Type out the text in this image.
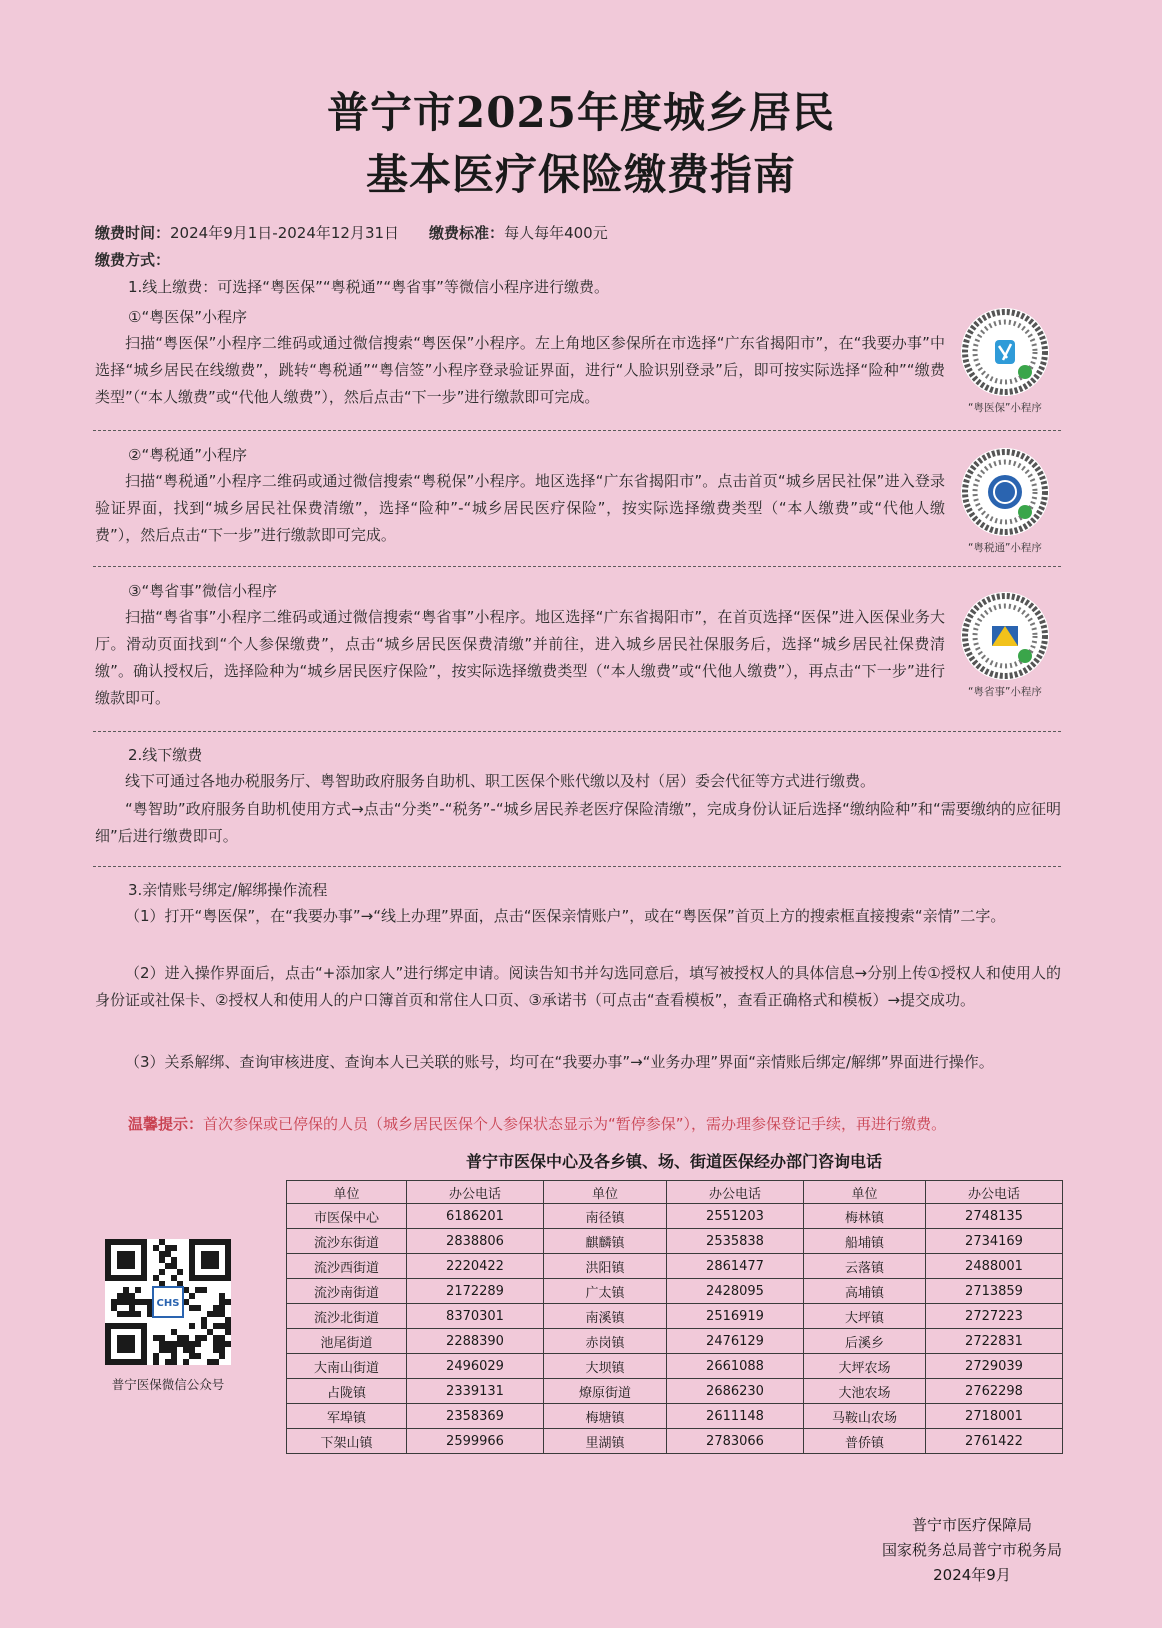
普宁市2025年度城乡居民
基本医疗保险缴费指南
缴费时间：2024年9月1日-2024年12月31日 缴费标准：每人每年400元
缴费方式：
1.线上缴费：可选择“粤医保”“粤税通”“粤省事”等微信小程序进行缴费。
①“粤医保”小程序
扫描“粤医保”小程序二维码或通过微信搜索“粤医保”小程序。左上角地区参保所在市选择“广东省揭阳市”，在“我要办事”中选择“城乡居民在线缴费”，跳转“粤税通”“粤信签”小程序登录验证界面，进行“人脸识别登录”后，即可按实际选择“险种”“缴费类型”（“本人缴费”或“代他人缴费”），然后点击“下一步”进行缴款即可完成。
“粤医保”小程序
②“粤税通”小程序
扫描“粤税通”小程序二维码或通过微信搜索“粤税保”小程序。地区选择“广东省揭阳市”。点击首页“城乡居民社保”进入登录验证界面，找到“城乡居民社保费清缴”，选择“险种”-“城乡居民医疗保险”，按实际选择缴费类型（“本人缴费”或“代他人缴费”），然后点击“下一步”进行缴款即可完成。
“粤税通”小程序
③“粤省事”微信小程序
扫描“粤省事”小程序二维码或通过微信搜索“粤省事”小程序。地区选择“广东省揭阳市”，在首页选择“医保”进入医保业务大厅。滑动页面找到“个人参保缴费”，点击“城乡居民医保费清缴”并前往，进入城乡居民社保服务后，选择“城乡居民社保费清缴”。确认授权后，选择险种为“城乡居民医疗保险”，按实际选择缴费类型（“本人缴费”或“代他人缴费”），再点击“下一步”进行缴款即可。	“粤省事”小程序
2.线下缴费
线下可通过各地办税服务厅、粤智助政府服务自助机、职工医保个账代缴以及村（居）委会代征等方式进行缴费。
“粤智助”政府服务自助机使用方式→点击“分类”-“税务”-“城乡居民养老医疗保险清缴”，完成身份认证后选择“缴纳险种”和“需要缴纳的应征明细”后进行缴费即可。
3.亲情账号绑定/解绑操作流程
（1）打开“粤医保”，在“我要办事”→“线上办理”界面，点击“医保亲情账户”，或在“粤医保”首页上方的搜索框直接搜索“亲情”二字。
（2）进入操作界面后，点击“+添加家人”进行绑定申请。阅读告知书并勾选同意后，填写被授权人的具体信息→分别上传①授权人和使用人的身份证或社保卡、②授权人和使用人的户口簿首页和常住人口页、③承诺书（可点击“查看模板”，查看正确格式和模板）→提交成功。
（3）关系解绑、查询审核进度、查询本人已关联的账号，均可在“我要办事”→“业务办理”界面“亲情账后绑定/解绑”界面进行操作。
温馨提示：首次参保或已停保的人员（城乡居民医保个人参保状态显示为“暂停参保”），需办理参保登记手续，再进行缴费。
普宁市医保中心及各乡镇、场、街道医保经办部门咨询电话
单位	办公电话	单位	办公电话	单位	办公电话
市医保中心	6186201	南径镇	2551203	梅林镇	2748135
流沙东街道	2838806	麒麟镇	2535838	船埔镇	2734169
流沙西街道	2220422	洪阳镇	2861477	云落镇	2488001
流沙南街道	2172289	广太镇	2428095	高埔镇	2713859
流沙北街道	8370301	南溪镇	2516919	大坪镇	2727223
池尾街道	2288390	赤岗镇	2476129	后溪乡	2722831
大南山街道	2496029	大坝镇	2661088	大坪农场	2729039
占陇镇	2339131	燎原街道	2686230	大池农场	2762298
军埠镇	2358369	梅塘镇	2611148	马鞍山农场	2718001
下架山镇	2599966	里湖镇	2783066	普侨镇	2761422
CHS
普宁医保微信公众号
普宁市医疗保障局
国家税务总局普宁市税务局
2024年9月
